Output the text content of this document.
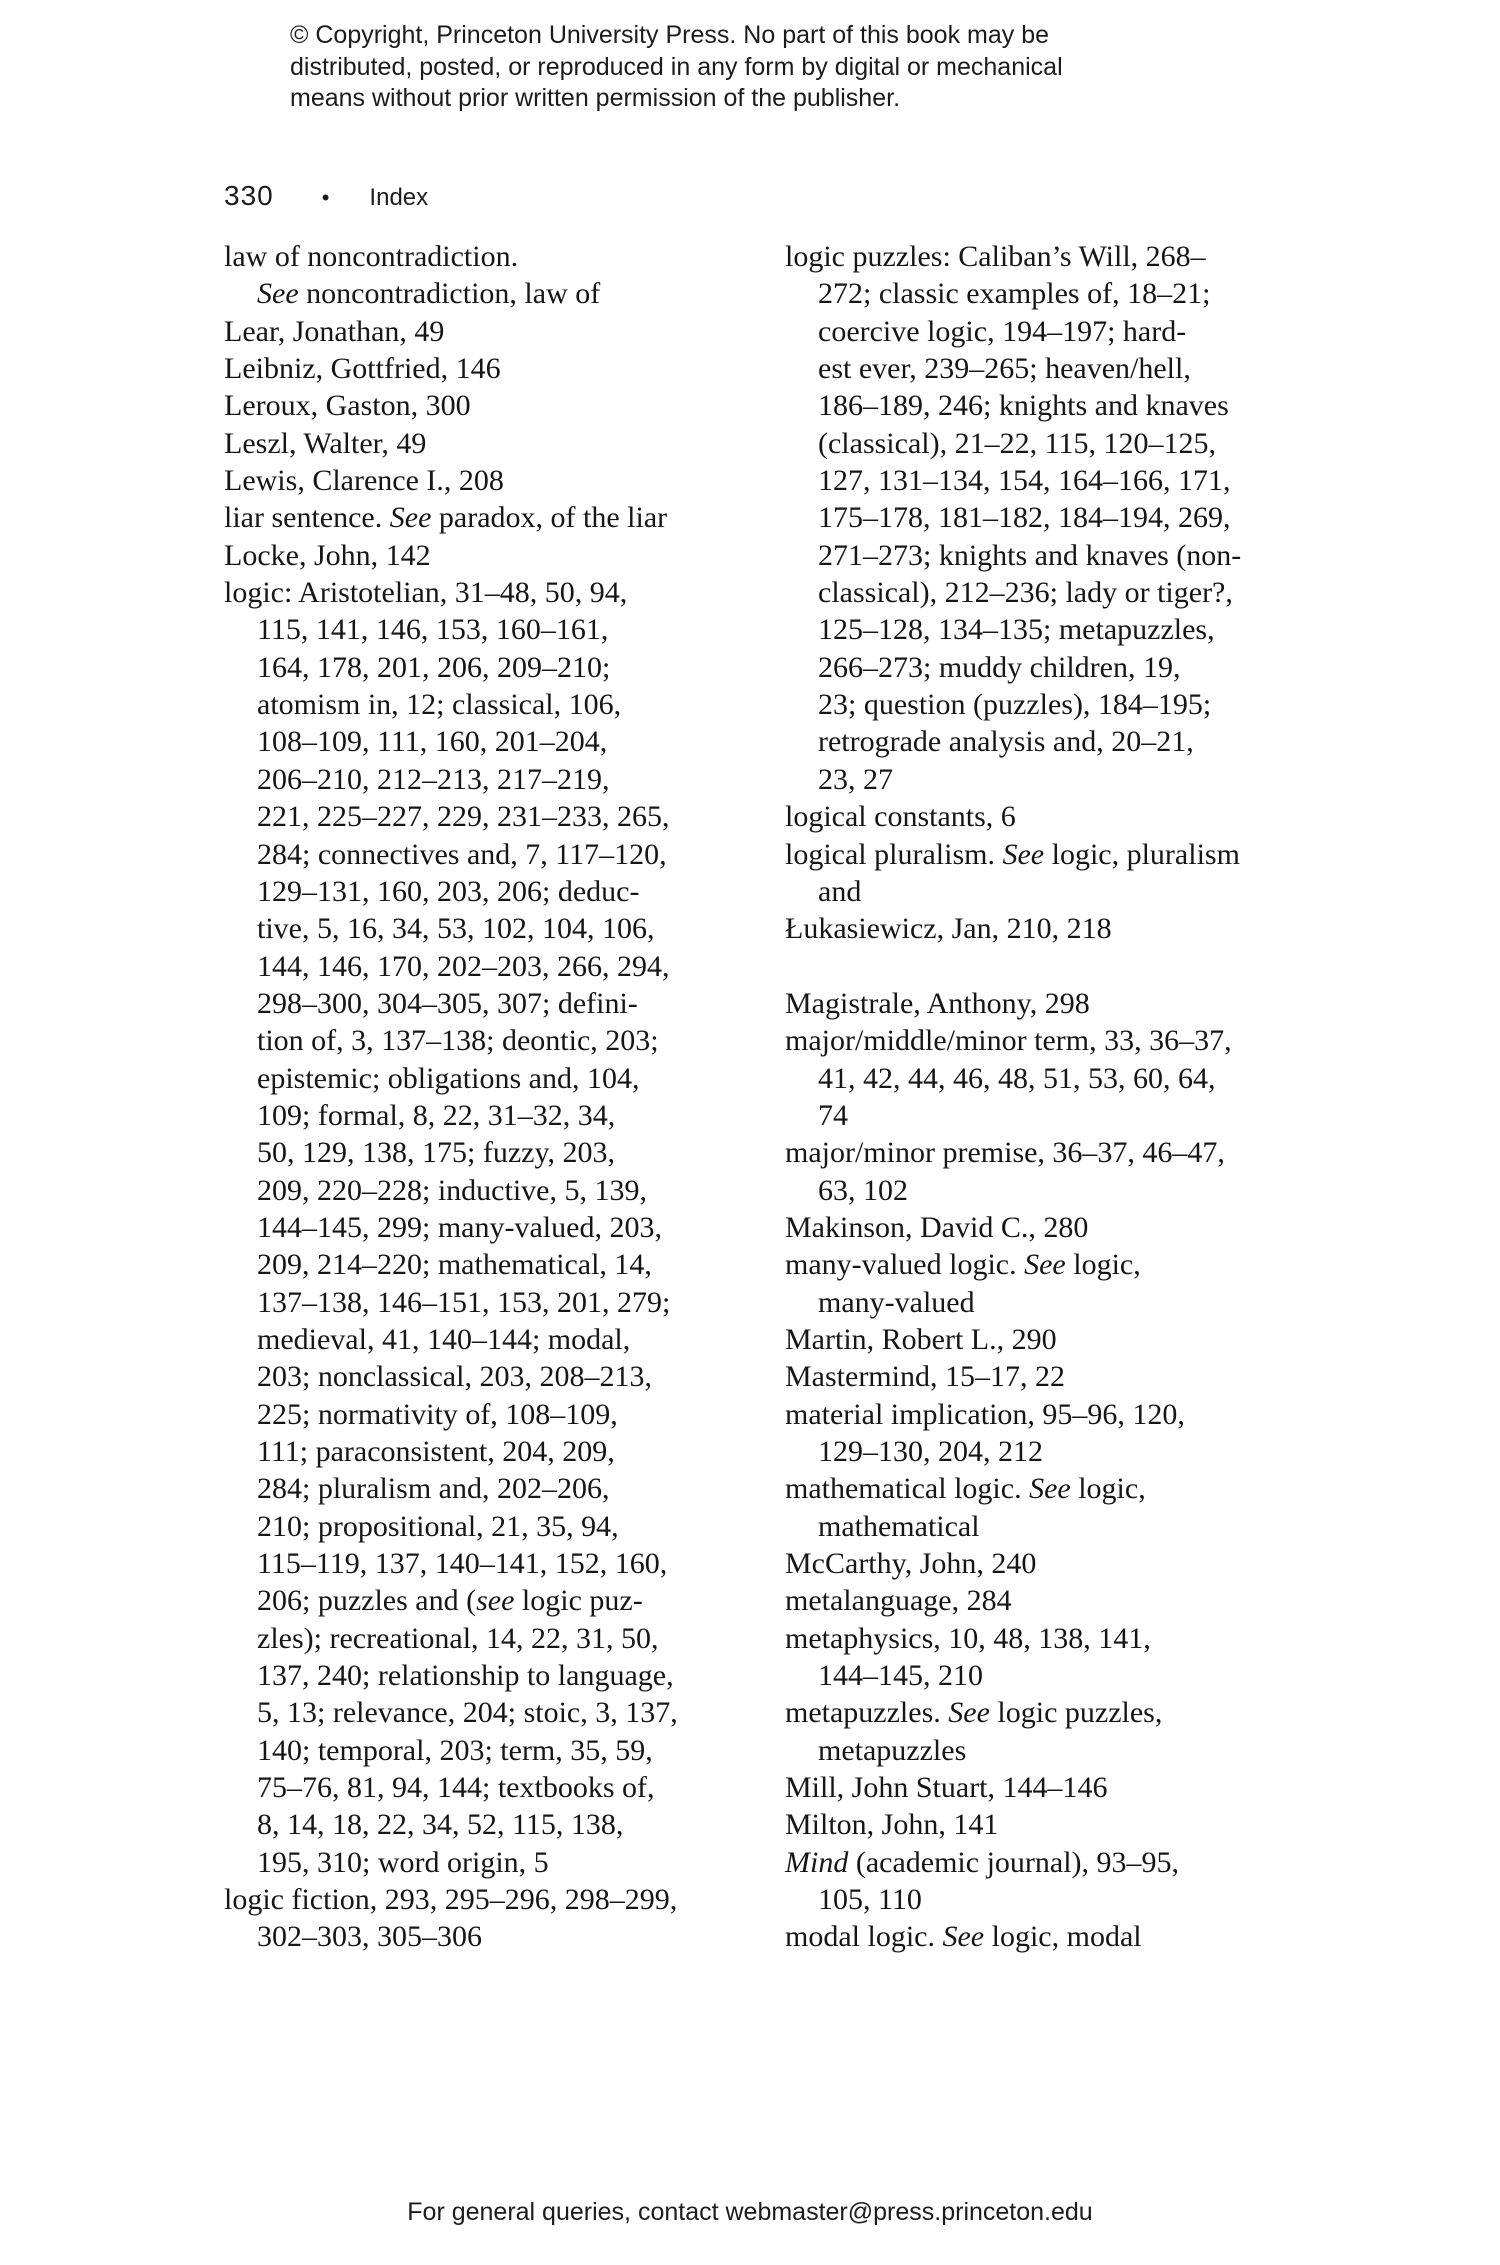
© Copyright, Princeton University Press. No part of this book may be
distributed, posted, or reproduced in any form by digital or mechanical
means without prior written permission of the publisher.
330 • Index
law of noncontradiction.
See noncontradiction, law of
Lear, Jonathan, 49
Leibniz, Gottfried, 146
Leroux, Gaston, 300
Leszl, Walter, 49
Lewis, Clarence I., 208
liar sentence. See paradox, of the liar
Locke, John, 142
logic: Aristotelian, 31–48, 50, 94,
115, 141, 146, 153, 160–161,
164, 178, 201, 206, 209–210;
atomism in, 12; classical, 106,
108–109, 111, 160, 201–204,
206–210, 212–213, 217–219,
221, 225–227, 229, 231–233, 265,
284; connectives and, 7, 117–120,
129–131, 160, 203, 206; deduc-
tive, 5, 16, 34, 53, 102, 104, 106,
144, 146, 170, 202–203, 266, 294,
298–300, 304–305, 307; defini-
tion of, 3, 137–138; deontic, 203;
epistemic; obligations and, 104,
109; formal, 8, 22, 31–32, 34,
50, 129, 138, 175; fuzzy, 203,
209, 220–228; inductive, 5, 139,
144–145, 299; many-valued, 203,
209, 214–220; mathematical, 14,
137–138, 146–151, 153, 201, 279;
medieval, 41, 140–144; modal,
203; nonclassical, 203, 208–213,
225; normativity of, 108–109,
111; paraconsistent, 204, 209,
284; pluralism and, 202–206,
210; propositional, 21, 35, 94,
115–119, 137, 140–141, 152, 160,
206; puzzles and (see logic puz-
zles); recreational, 14, 22, 31, 50,
137, 240; relationship to language,
5, 13; relevance, 204; stoic, 3, 137,
140; temporal, 203; term, 35, 59,
75–76, 81, 94, 144; textbooks of,
8, 14, 18, 22, 34, 52, 115, 138,
195, 310; word origin, 5
logic fiction, 293, 295–296, 298–299,
302–303, 305–306
logic puzzles: Caliban’s Will, 268–
272; classic examples of, 18–21;
coercive logic, 194–197; hard-
est ever, 239–265; heaven/hell,
186–189, 246; knights and knaves
(classical), 21–22, 115, 120–125,
127, 131–134, 154, 164–166, 171,
175–178, 181–182, 184–194, 269,
271–273; knights and knaves (non-
classical), 212–236; lady or tiger?,
125–128, 134–135; metapuzzles,
266–273; muddy children, 19,
23; question (puzzles), 184–195;
retrograde analysis and, 20–21,
23, 27
logical constants, 6
logical pluralism. See logic, pluralism
and
Łukasiewicz, Jan, 210, 218
Magistrale, Anthony, 298
major/middle/minor term, 33, 36–37,
41, 42, 44, 46, 48, 51, 53, 60, 64,
74
major/minor premise, 36–37, 46–47,
63, 102
Makinson, David C., 280
many-valued logic. See logic,
many-valued
Martin, Robert L., 290
Mastermind, 15–17, 22
material implication, 95–96, 120,
129–130, 204, 212
mathematical logic. See logic,
mathematical
McCarthy, John, 240
metalanguage, 284
metaphysics, 10, 48, 138, 141,
144–145, 210
metapuzzles. See logic puzzles,
metapuzzles
Mill, John Stuart, 144–146
Milton, John, 141
Mind (academic journal), 93–95,
105, 110
modal logic. See logic, modal
For general queries, contact webmaster@press.princeton.edu
